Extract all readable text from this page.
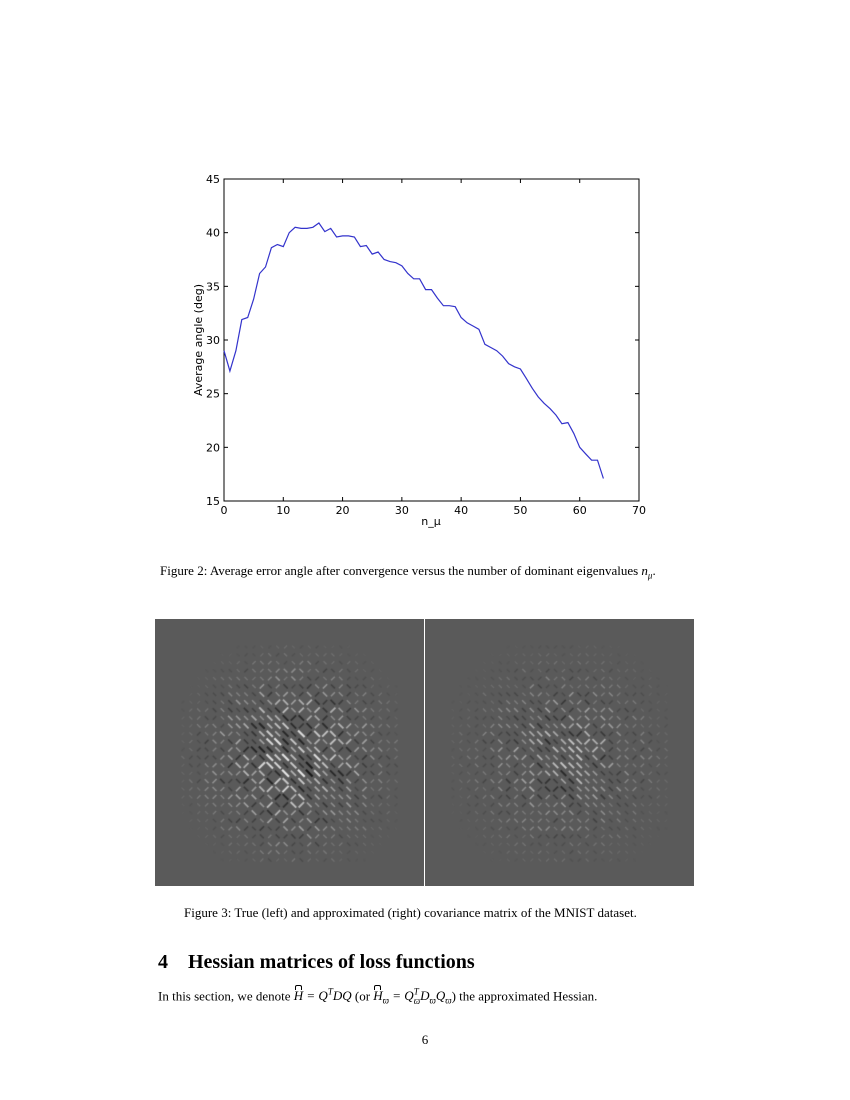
0	10	20	30	40	50	60	70
15
20
25
30
35
40
45
n_μ
Average angle (deg)
Figure 2: Average error angle after convergence versus the number of dominant eigenvalues $n_\mu$.
Figure 3: True (left) and approximated (right) covariance matrix of the MNIST dataset.
4 Hessian matrices of loss functions
In this section, we denote $H = Q^TDQ$ (or $H_ϖ = Q^T_ϖD_ϖQ_ϖ$) the approximated Hessian.
6
